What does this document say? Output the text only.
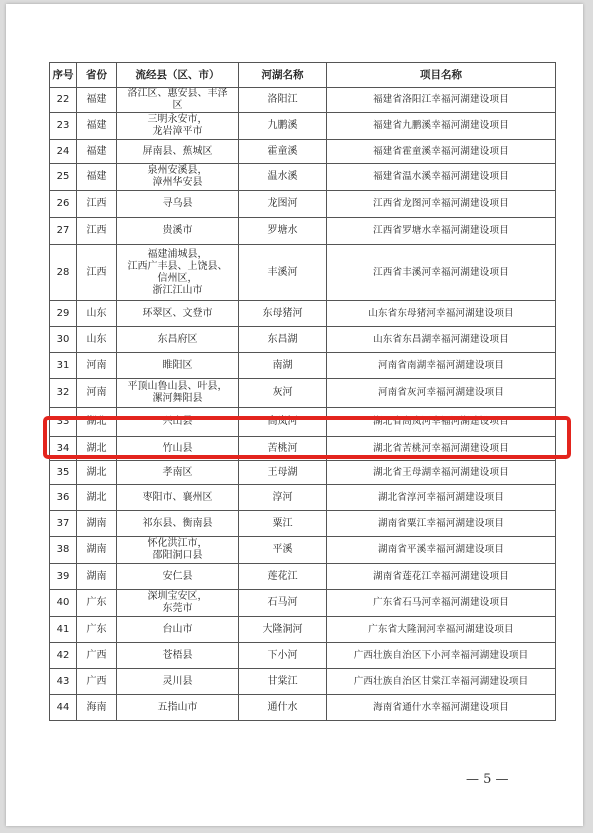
序号	省份	流经县（区、市）	河湖名称	项目名称
22	福建	洛江区、惠安县、丰泽
区	洛阳江	福建省洛阳江幸福河湖建设项目
23	福建	三明永安市，
龙岩漳平市	九鹏溪	福建省九鹏溪幸福河湖建设项目
24	福建	屏南县、蕉城区	霍童溪	福建省霍童溪幸福河湖建设项目
25	福建	泉州安溪县，
漳州华安县	温水溪	福建省温水溪幸福河湖建设项目
26	江西	寻乌县	龙图河	江西省龙图河幸福河湖建设项目
27	江西	贵溪市	罗塘水	江西省罗塘水幸福河湖建设项目
28	江西	福建浦城县，
江西广丰县、上饶县、
信州区，
浙江江山市	丰溪河	江西省丰溪河幸福河湖建设项目
29	山东	环翠区、文登市	东母猪河	山东省东母猪河幸福河湖建设项目
30	山东	东昌府区	东昌湖	山东省东昌湖幸福河湖建设项目
31	河南	睢阳区	南湖	河南省南湖幸福河湖建设项目
32	河南	平顶山鲁山县、叶县，
漯河舞阳县	灰河	河南省灰河幸福河湖建设项目
33	湖北	兴山县	高岚河	湖北省高岚河幸福河湖建设项目
34	湖北	竹山县	苦桃河	湖北省苦桃河幸福河湖建设项目
35	湖北	孝南区	王母湖	湖北省王母湖幸福河湖建设项目
36	湖北	枣阳市、襄州区	淳河	湖北省淳河幸福河湖建设项目
37	湖南	祁东县、衡南县	粟江	湖南省粟江幸福河湖建设项目
38	湖南	怀化洪江市，
邵阳洞口县	平溪	湖南省平溪幸福河湖建设项目
39	湖南	安仁县	莲花江	湖南省莲花江幸福河湖建设项目
40	广东	深圳宝安区，
东莞市	石马河	广东省石马河幸福河湖建设项目
41	广东	台山市	大隆洞河	广东省大隆洞河幸福河湖建设项目
42	广西	苍梧县	下小河	广西壮族自治区下小河幸福河湖建设项目
43	广西	灵川县	甘棠江	广西壮族自治区甘棠江幸福河湖建设项目
44	海南	五指山市	通什水	海南省通什水幸福河湖建设项目
— 5 —
